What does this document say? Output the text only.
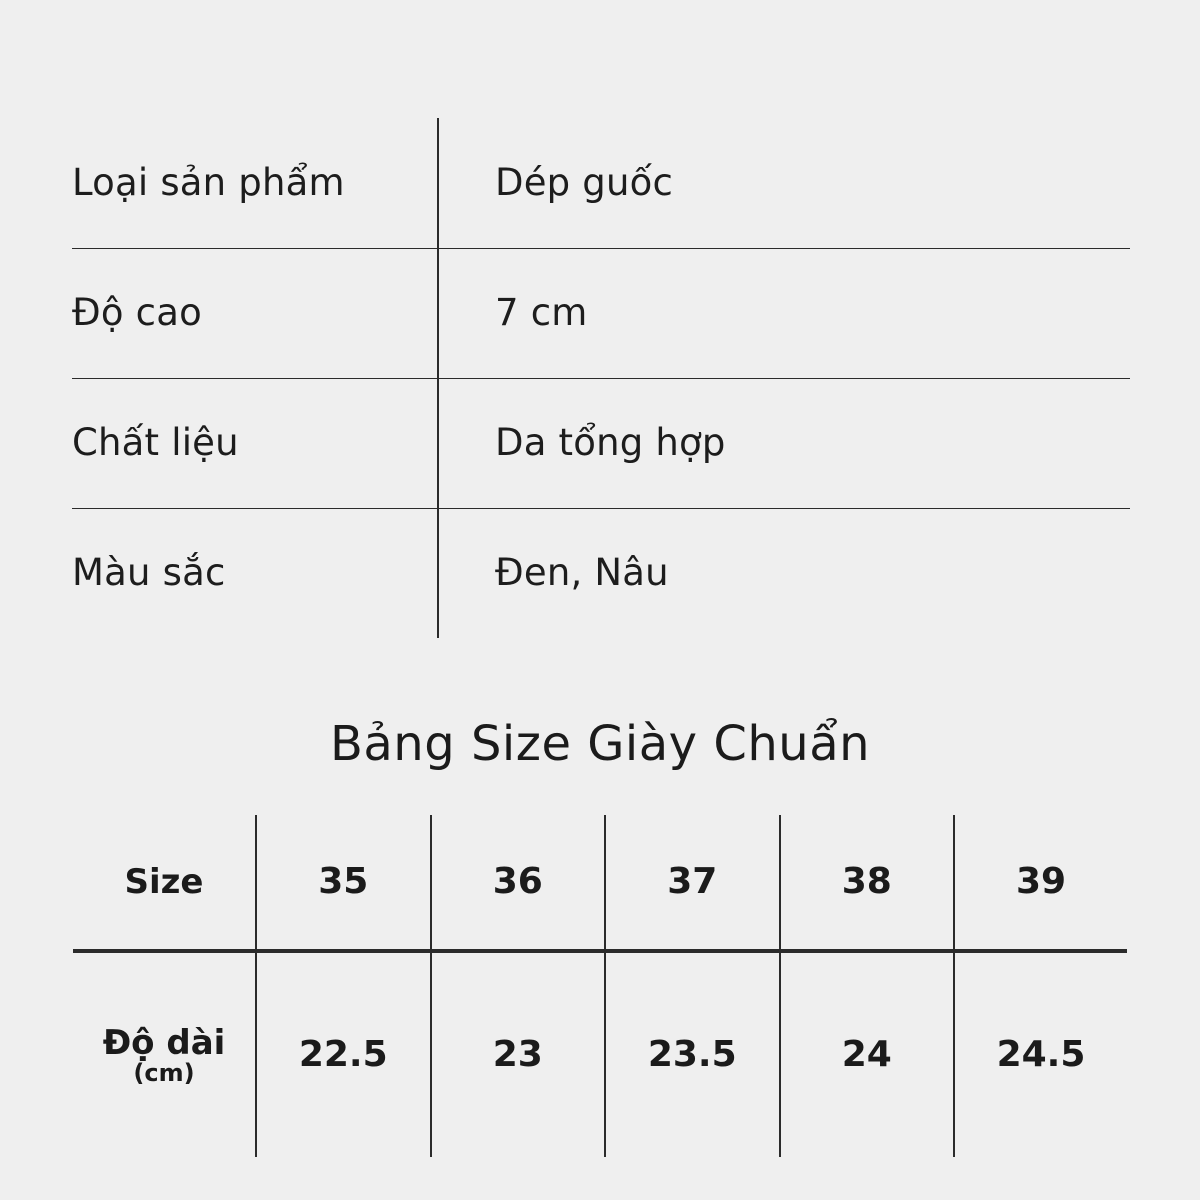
Loại sản phẩm	Dép guốc
Độ cao	7 cm
Chất liệu	Da tổng hợp
Màu sắc	Đen, Nâu
Bảng Size Giày Chuẩn
Size	35	36	37	38	39
Độ dài
(cm)	22.5	23	23.5	24	24.5
